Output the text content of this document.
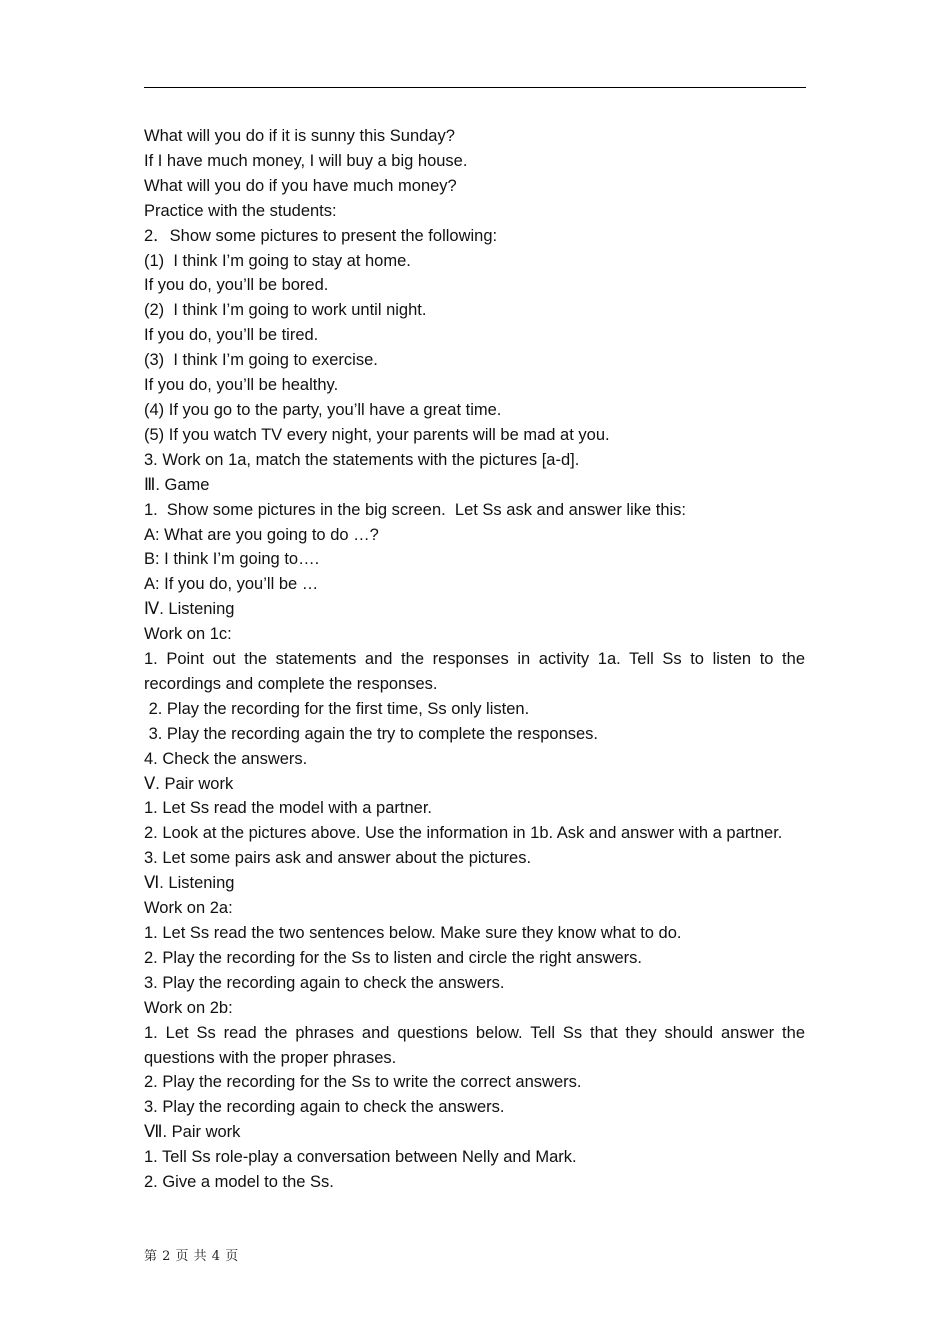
What will you do if it is sunny this Sunday?

If I have much money, I will buy a big house.

What will you do if you have much money?

Practice with the students:

2．Show some pictures to present the following:

(1)  I think I’m going to stay at home.

If you do, you’ll be bored.

(2)  I think I’m going to work until night.

If you do, you’ll be tired.

(3)  I think I’m going to exercise.

If you do, you’ll be healthy.

(4) If you go to the party, you’ll have a great time.

(5) If you watch TV every night, your parents will be mad at you.

3. Work on 1a, match the statements with the pictures [a-d].

Ⅲ. Game

1.  Show some pictures in the big screen.  Let Ss ask and answer like this:

A: What are you going to do …?

B: I think I’m going to….

A: If you do, you’ll be …

Ⅳ. Listening

Work on 1c:

1. Point out the statements and the responses in activity 1a. Tell Ss to listen to the recordings and complete the responses.

2. Play the recording for the first time, Ss only listen.

3. Play the recording again the try to complete the responses.

4. Check the answers.

Ⅴ. Pair work

1. Let Ss read the model with a partner.

2. Look at the pictures above. Use the information in 1b. Ask and answer with a partner.

3. Let some pairs ask and answer about the pictures.

Ⅵ. Listening

Work on 2a:

1. Let Ss read the two sentences below. Make sure they know what to do.

2. Play the recording for the Ss to listen and circle the right answers.

3. Play the recording again to check the answers.

Work on 2b:

1. Let Ss read the phrases and questions below. Tell Ss that they should answer the questions with the proper phrases.

2. Play the recording for the Ss to write the correct answers.

3. Play the recording again to check the answers.

Ⅶ. Pair work

1. Tell Ss role-play a conversation between Nelly and Mark.

2. Give a model to the Ss.

第 2 页 共 4 页
